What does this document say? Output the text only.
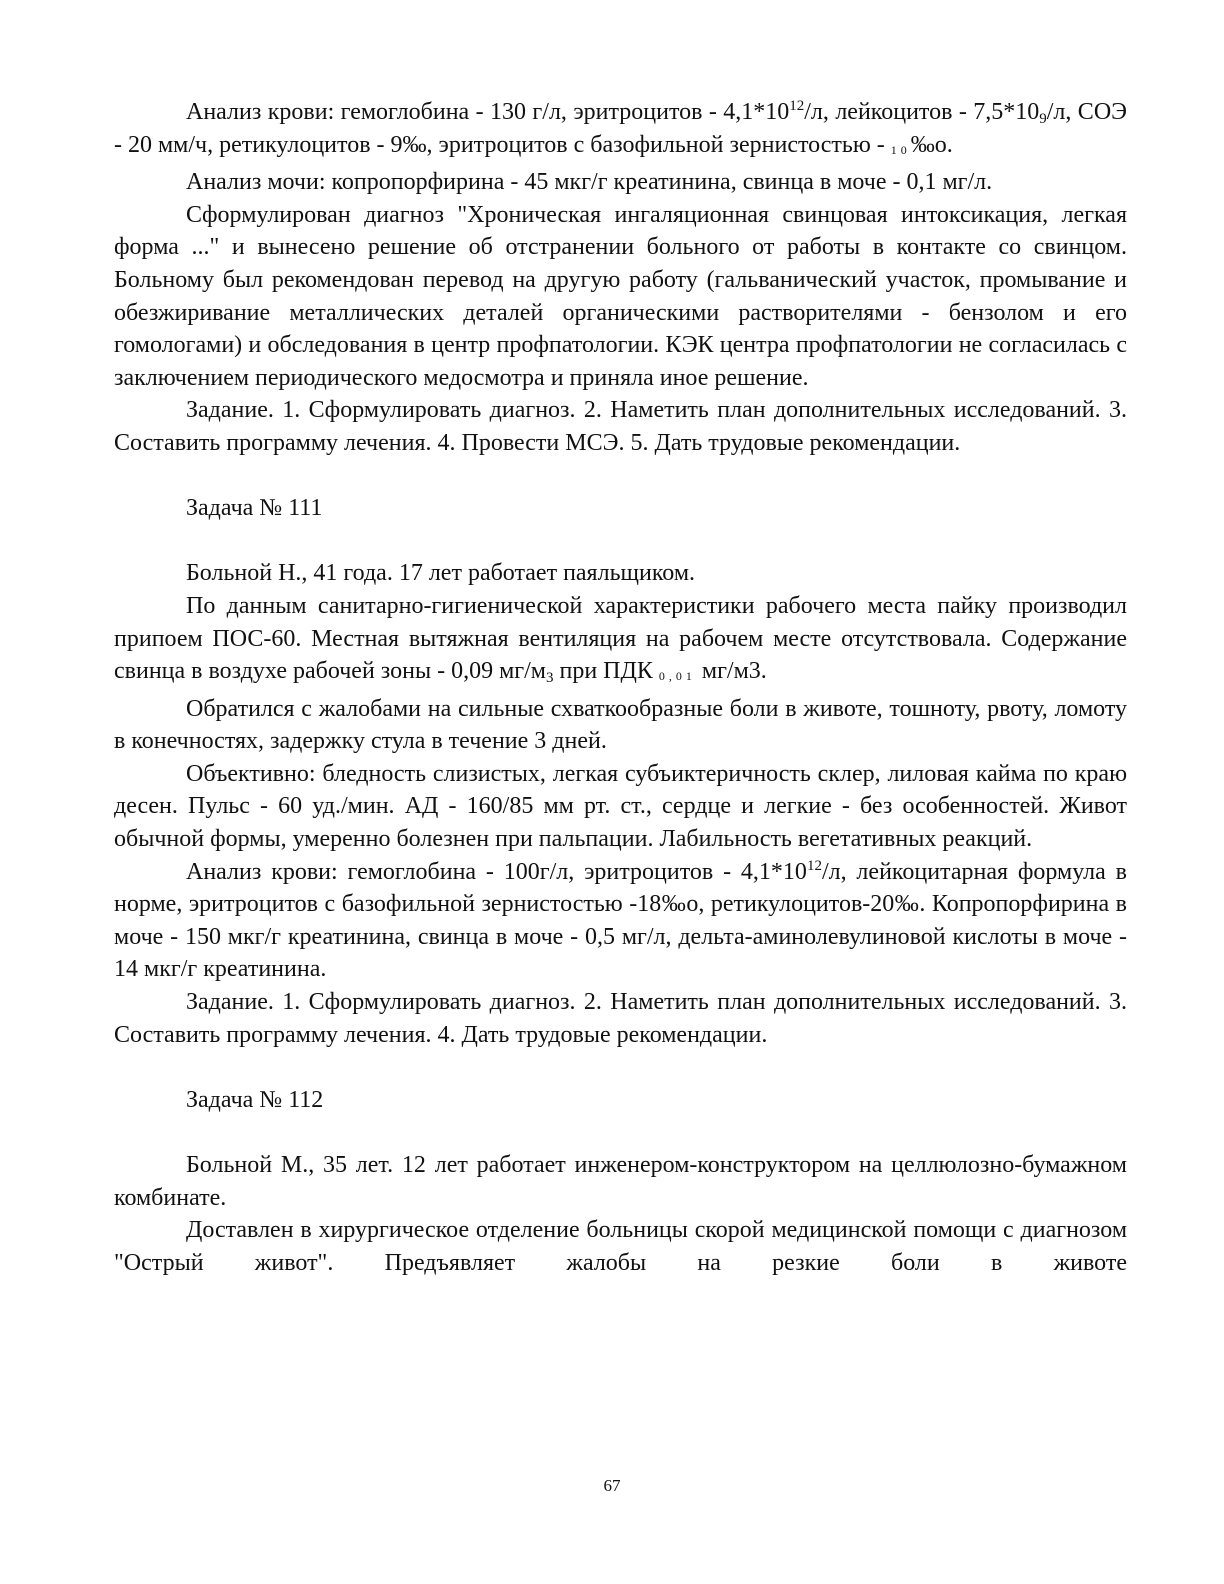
Анализ крови: гемоглобина - 130 г/л, эритроцитов - $4,1*10^{12}/л$, лейкоцитов - $7,5*10_9/л$, СОЭ - 20 мм/ч, ретикулоцитов - 9‰, эритроцитов с базофильной зернистостью - 10‰o.

Анализ мочи: копропорфирина - 45 мкг/г креатинина, свинца в моче - 0,1 мг/л.

Сформулирован диагноз "Хроническая ингаляционная свинцовая интоксикация, легкая форма ..." и вынесено решение об отстранении больного от работы в контакте со свинцом. Больному был рекомендован перевод на другую работу (гальванический участок, промывание и обезжиривание металлических деталей органическими растворителями - бензолом и его гомологами) и обследования в центр профпатологии. КЭК центра профпатологии не согласилась с заключением периодического медосмотра и приняла иное решение.

Задание. 1. Сформулировать диагноз. 2. Наметить план дополнительных исследований. 3. Составить программу лечения. 4. Провести МСЭ. 5. Дать трудовые рекомендации.

Задача № 111

Больной Н., 41 года. 17 лет работает паяльщиком.

По данным санитарно-гигиенической характеристики рабочего места пайку производил припоем ПОС-60. Местная вытяжная вентиляция на рабочем месте отсутствовала. Содержание свинца в воздухе рабочей зоны - 0,09 $мг/м_3$ при ПДК 0,01 мг/м3.

Обратился с жалобами на сильные схваткообразные боли в животе, тошноту, рвоту, ломоту в конечностях, задержку стула в течение 3 дней.

Объективно: бледность слизистых, легкая субъиктеричность склер, лиловая кайма по краю десен. Пульс - 60 уд./мин. АД - 160/85 мм рт. ст., сердце и легкие - без особенностей. Живот обычной формы, умеренно болезнен при пальпации. Лабильность вегетативных реакций.

Анализ крови: гемоглобина - 100г/л, эритроцитов - $4,1*10^{12}/л$, лейкоцитарная формула в норме, эритроцитов с базофильной зернистостью -18‰o, ретикулоцитов-20‰. Копропорфирина в моче - 150 мкг/г креатинина, свинца в моче - 0,5 мг/л, дельта-аминолевулиновой кислоты в моче - 14 мкг/г креатинина.

Задание. 1. Сформулировать диагноз. 2. Наметить план дополнительных исследований. 3. Составить программу лечения. 4. Дать трудовые рекомендации.

Задача № 112

Больной М., 35 лет. 12 лет работает инженером-конструктором на целлюлозно-бумажном комбинате.

Доставлен в хирургическое отделение больницы скорой медицинской помощи с диагнозом "Острый живот". Предъявляет жалобы на резкие боли в животе

67
